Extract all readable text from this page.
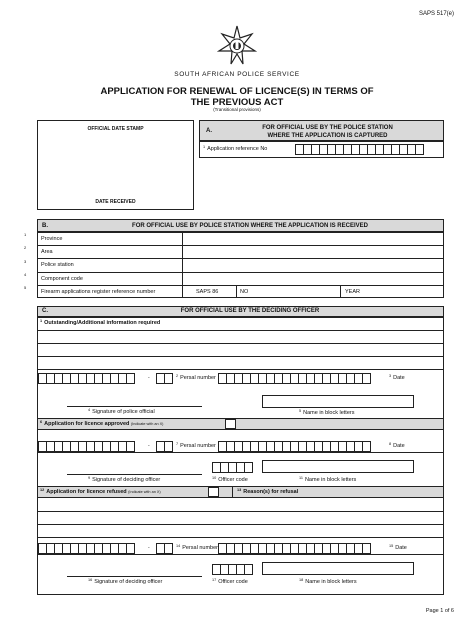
SAPS 517(e)
SOUTH AFRICAN POLICE SERVICE
APPLICATION FOR RENEWAL OF LICENCE(S) IN TERMS OF
THE PREVIOUS ACT
(Transitional provisions)
OFFICIAL DATE STAMP
DATE RECEIVED
A.	FOR OFFICIAL USE BY THE POLICE STATION
WHERE THE APPLICATION IS CAPTURED
$^1$ Application reference No
B.	FOR OFFICIAL USE BY POLICE STATION WHERE THE APPLICATION IS RECEIVED
1
2
3
4
5
Province
Area
Police station
Component code
Firearm applications register reference number	SAPS 86	NO	YEAR
C.	FOR OFFICIAL USE BY THE DECIDING OFFICER
$^1$ Outstanding/Additional information required
-	$^2$ Persal number	$^3$ Date
$^4$ Signature of police official	$^5$ Name in block letters
$^6$ Application for licence approved (Indicate with an X)
-	$^7$ Persal number	$^8$ Date
$^9$ Signature of deciding officer	$^{10}$ Officer code	$^{11}$ Name in block letters
$^{12}$ Application for licence refused (Indicate with an X)	$^{13}$ Reason(s) for refusal
-	$^{14}$ Persal number	$^{15}$ Date
$^{16}$ Signature of deciding officer	$^{17}$ Officer code	$^{18}$ Name in block letters
Page 1 of 6
